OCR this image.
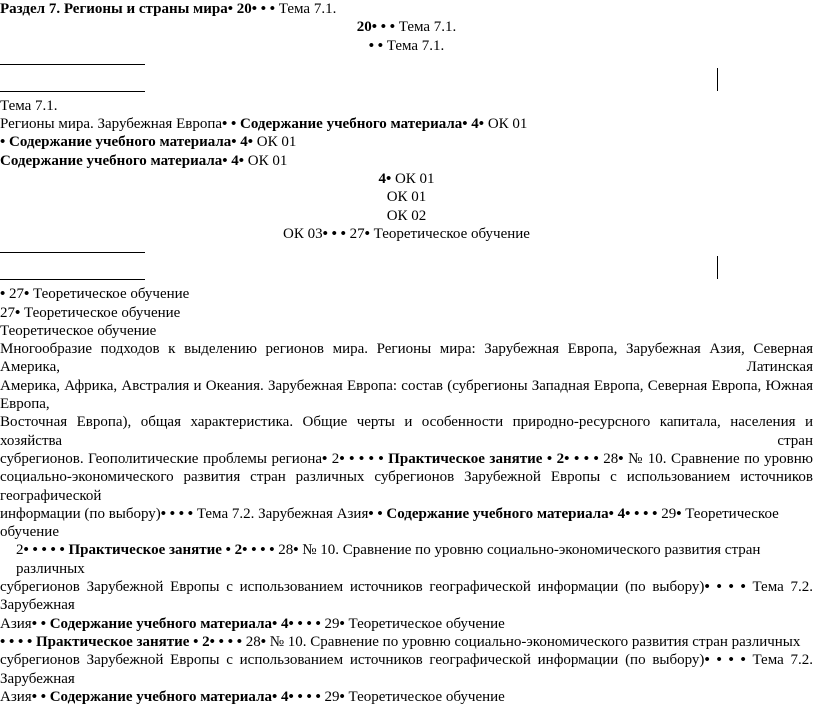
Раздел 7. Регионы и страны мира• 20• • • Тема 7.1.
20• • • Тема 7.1.
• • Тема 7.1.
Тема 7.1.
Регионы мира. Зарубежная Европа• • Содержание учебного материала• 4• ОК 01
• Содержание учебного материала• 4• ОК 01
Содержание учебного материала• 4• ОК 01
4• ОК 01
ОК 01
ОК 02
ОК 03• • • 27• Теоретическое обучение
• 27• Теоретическое обучение
27• Теоретическое обучение
Теоретическое обучение
Многообразие подходов к выделению регионов мира. Регионы мира: Зарубежная Европа, Зарубежная Азия, Северная Америка, Латинская
Америка, Африка, Австралия и Океания. Зарубежная Европа: состав (субрегионы Западная Европа, Северная Европа, Южная Европа,
Восточная Европа), общая характеристика. Общие черты и особенности природно-ресурсного капитала, населения и хозяйства стран
субрегионов. Геополитические проблемы региона• 2• • • • • Практическое занятие • 2• • • • 28• № 10. Сравнение по уровню
социально-экономического развития стран различных субрегионов Зарубежной Европы с использованием источников географической
информации (по выбору)• • • • Тема 7.2. Зарубежная Азия• • Содержание учебного материала• 4• • • • 29• Теоретическое обучение
2• • • • • Практическое занятие • 2• • • • 28• № 10. Сравнение по уровню социально-экономического развития стран различных
субрегионов Зарубежной Европы с использованием источников географической информации (по выбору)• • • • Тема 7.2. Зарубежная
Азия• • Содержание учебного материала• 4• • • • 29• Теоретическое обучение
• • • • Практическое занятие • 2• • • • 28• № 10. Сравнение по уровню социально-экономического развития стран различных
субрегионов Зарубежной Европы с использованием источников географической информации (по выбору)• • • • Тема 7.2. Зарубежная
Азия• • Содержание учебного материала• 4• • • • 29• Теоретическое обучение
